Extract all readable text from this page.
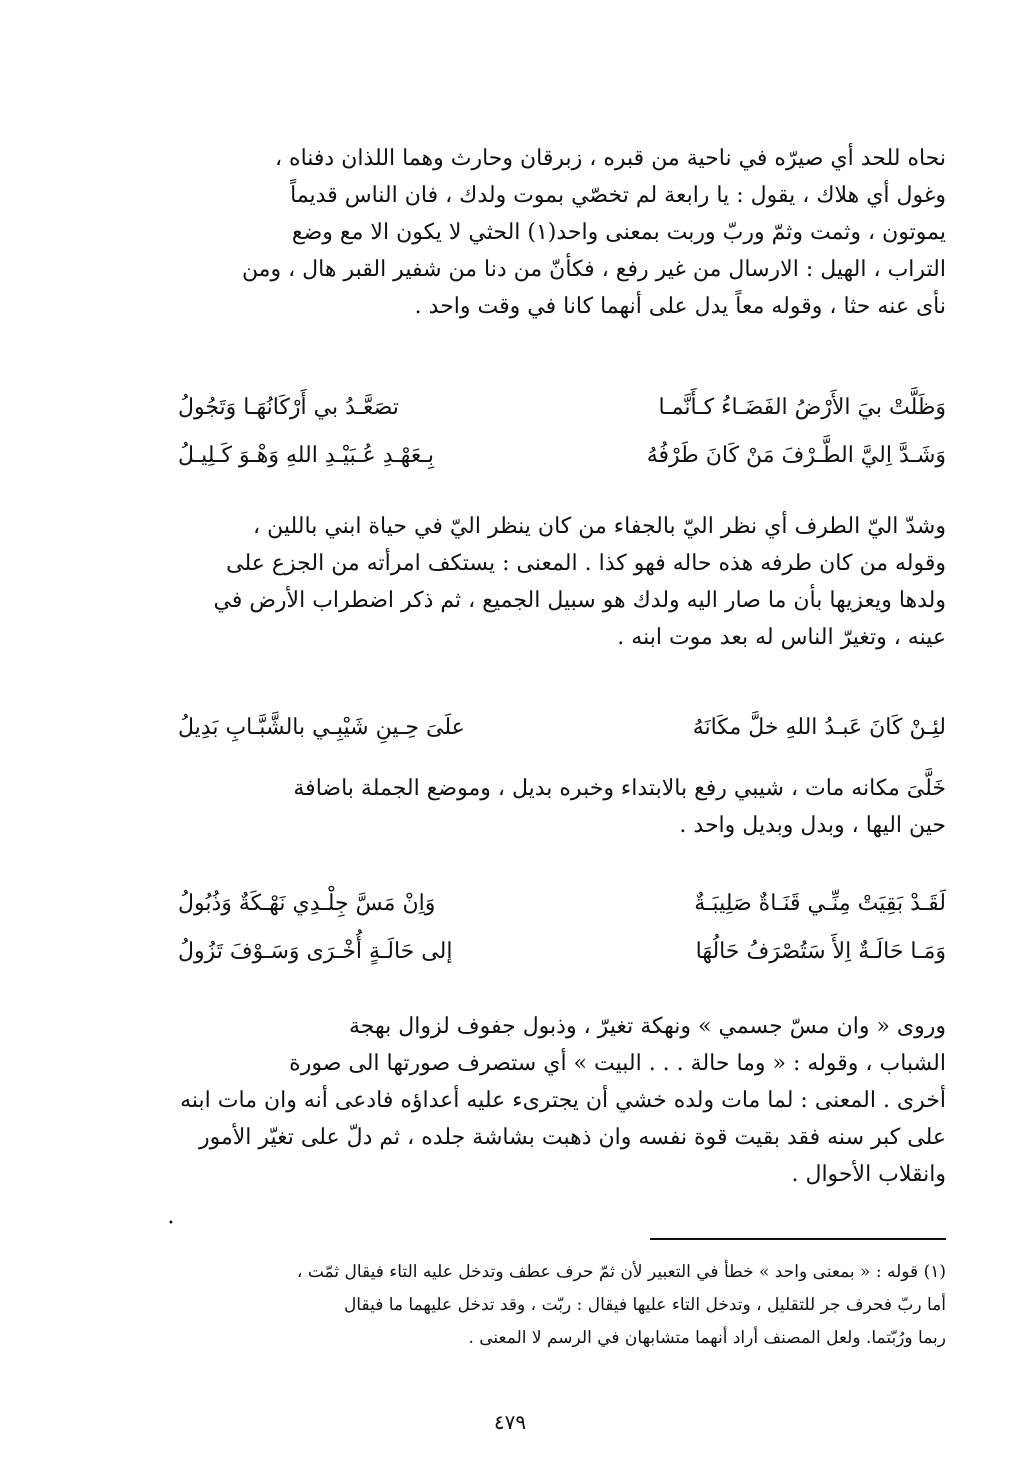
نحاه للحد أي صيرّه في ناحية من قبره ، زبرقان وحارث وهما اللذان دفناه ،

وغول أي هلاك ، يقول : يا رابعة لم تخصّي بموت ولدك ، فان الناس قديماً

يموتون ، وثمت وثمّ وربّ وربت بمعنى واحد(١) الحثي لا يكون الا مع وضع

التراب ، الهيل : الارسال من غير رفع ، فكأنّ من دنا من شفير القبر هال ، ومن

نأى عنه حثا ، وقوله معاً يدل على أنهما كانا في وقت واحد .

وَظَلَّتْ بيَ الأَرْضُ الفَضَـاءُ كـأَنَّمـا
تصَعَّـدُ بي أَرْكَانُهَـا وَتَجُولُ
وَشَـدَّ اِليَّ الطَّـرْفَ مَنْ كَانَ طَرْفُهُ
بِـعَهْـدِ عُـبَيْـدِ اللهِ وَهْـوَ كَـلِيـلُ

وشدّ اليّ الطرف أي نظر اليّ بالجفاء من كان ينظر اليّ في حياة ابني باللين ،

وقوله من كان طرفه هذه حاله فهو كذا . المعنى : يستكف امرأته من الجزع على

ولدها ويعزيها بأن ما صار اليه ولدك هو سبيل الجميع ، ثم ذكر اضطراب الأرض في

عينه ، وتغيرّ الناس له بعد موت ابنه .

لئِـنْ كَانَ عَبـدُ اللهِ خلَّ مكَانَهُ
علَىَ حِـينِ شَيْبِـي بالشَّبَّـابِ بَدِيلُ

خَلَّىَ مكانه مات ، شيبي رفع بالابتداء وخبره بديل ، وموضع الجملة باضافة

حين اليها ، وبدل وبديل واحد .

لَقَـدْ بَقِيَتْ مِنِّـي قَنَـاةٌ صَلِيبَـةٌ
وَاِنْ مَسَّ جِلْـدِي نَهْـكَةٌ وَذُبُولُ
وَمَـا حَالَـةٌ اِلأَ سَتُصْرَفُ حَالُهَا
إلى حَالَـةٍ أُخْـرَى وَسَـوْفَ تَزُولُ

وروى « وان مسّ جسمي » ونهكة تغيرّ ، وذبول جفوف لزوال بهجة

الشباب ، وقوله : « وما حالة . . . البيت » أي ستصرف صورتها الى صورة

أخرى . المعنى : لما مات ولده خشي أن يجترىء عليه أعداؤه فادعى أنه وان مات ابنه

على كبر سنه فقد بقيت قوة نفسه وان ذهبت بشاشة جلده ، ثم دلّ على تغيّر الأمور

وانقلاب الأحوال .

•

(١) قوله : « بمعنى واحد » خطأ في التعبير لأن ثمّ حرف عطف وتدخل عليه التاء فيقال ثمّت ،

أما ربّ فحرف جر للتقليل ، وتدخل التاء عليها فيقال : ربّت ، وقد تدخل عليهما ما فيقال

ربما ورُبّتما. ولعل المصنف أراد أنهما متشابهان في الرسم لا المعنى .

٤٧٩
